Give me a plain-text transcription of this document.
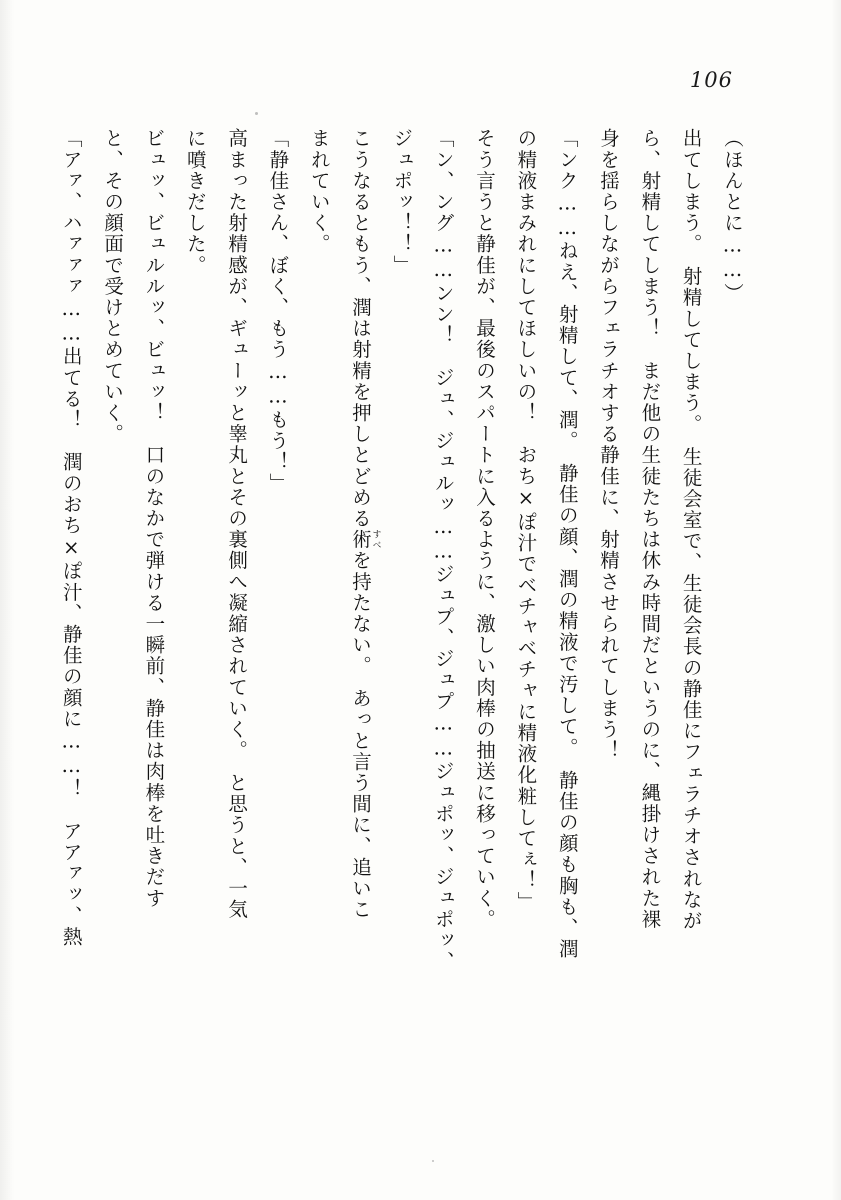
106

（ほんとに……）

出てしまう。　射精してしまう。　生徒会室で、生徒会長の静佳にフェラチオされなが

ら、射精してしまう！　まだ他の生徒たちは休み時間だというのに、縄掛けされた裸

身を揺らしながらフェラチオする静佳に、射精させられてしまう！

「ンク……ねえ、射精して、潤。　静佳の顔、潤の精液で汚して。　静佳の顔も胸も、潤

の精液まみれにしてほしいの！　おち×ぽ汁でベチャベチャに精液化粧してぇ！」

そう言うと静佳が、最後のスパートに入るように、激しい肉棒の抽送に移っていく。

「ン、ング……ンン！　ジュ、ジュルッ……ジュプ、ジュプ……ジュポッ、ジュポッ、

ジュポッ！！」

こうなるともう、潤は射精を押しとどめる術すべを持たない。　あっと言う間に、追いこ

まれていく。

「静佳さん、ぼく、もう……もう！」

高まった射精感が、ギューッと睾丸とその裏側へ凝縮されていく。　と思うと、一気

に噴きだした。

ビュッ、ビュルルッ、ビュッ！　口のなかで弾ける一瞬前、静佳は肉棒を吐きだす

と、その顔面で受けとめていく。

「アァ、ハァァァ……出てる！　潤のおち×ぽ汁、静佳の顔に……！　アアァッ、熱
